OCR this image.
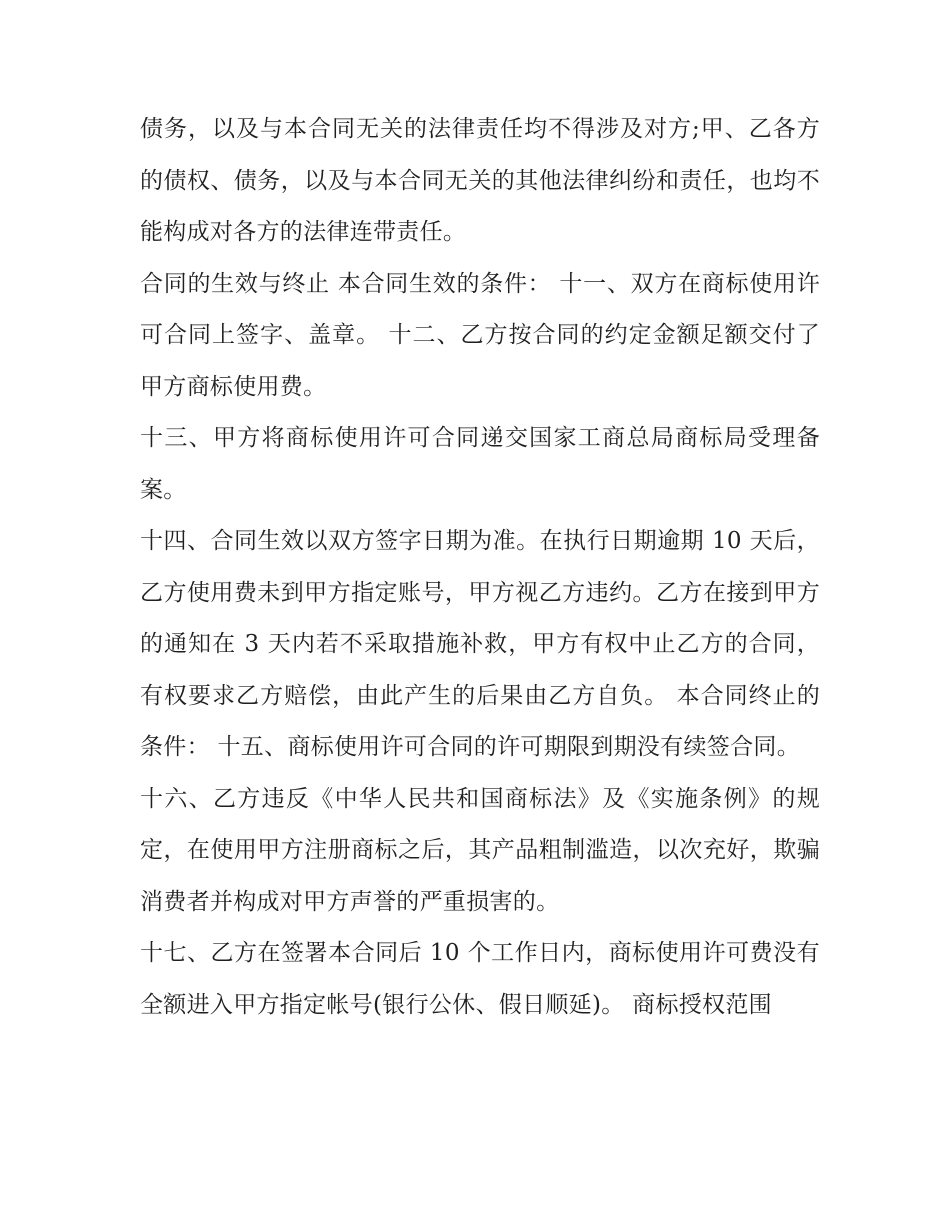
债务，以及与本合同无关的法律责任均不得涉及对方;甲、乙各方的债权、债务，以及与本合同无关的其他法律纠纷和责任，也均不能构成对各方的法律连带责任。

合同的生效与终止 本合同生效的条件： 十一、双方在商标使用许可合同上签字、盖章。 十二、乙方按合同的约定金额足额交付了甲方商标使用费。

十三、甲方将商标使用许可合同递交国家工商总局商标局受理备案。

十四、合同生效以双方签字日期为准。在执行日期逾期 10 天后，乙方使用费未到甲方指定账号，甲方视乙方违约。乙方在接到甲方的通知在 3 天内若不采取措施补救，甲方有权中止乙方的合同，有权要求乙方赔偿，由此产生的后果由乙方自负。 本合同终止的条件： 十五、商标使用许可合同的许可期限到期没有续签合同。

十六、乙方违反《中华人民共和国商标法》及《实施条例》的规定，在使用甲方注册商标之后，其产品粗制滥造，以次充好，欺骗消费者并构成对甲方声誉的严重损害的。

十七、乙方在签署本合同后 10 个工作日内，商标使用许可费没有全额进入甲方指定帐号(银行公休、假日顺延)。 商标授权范围
